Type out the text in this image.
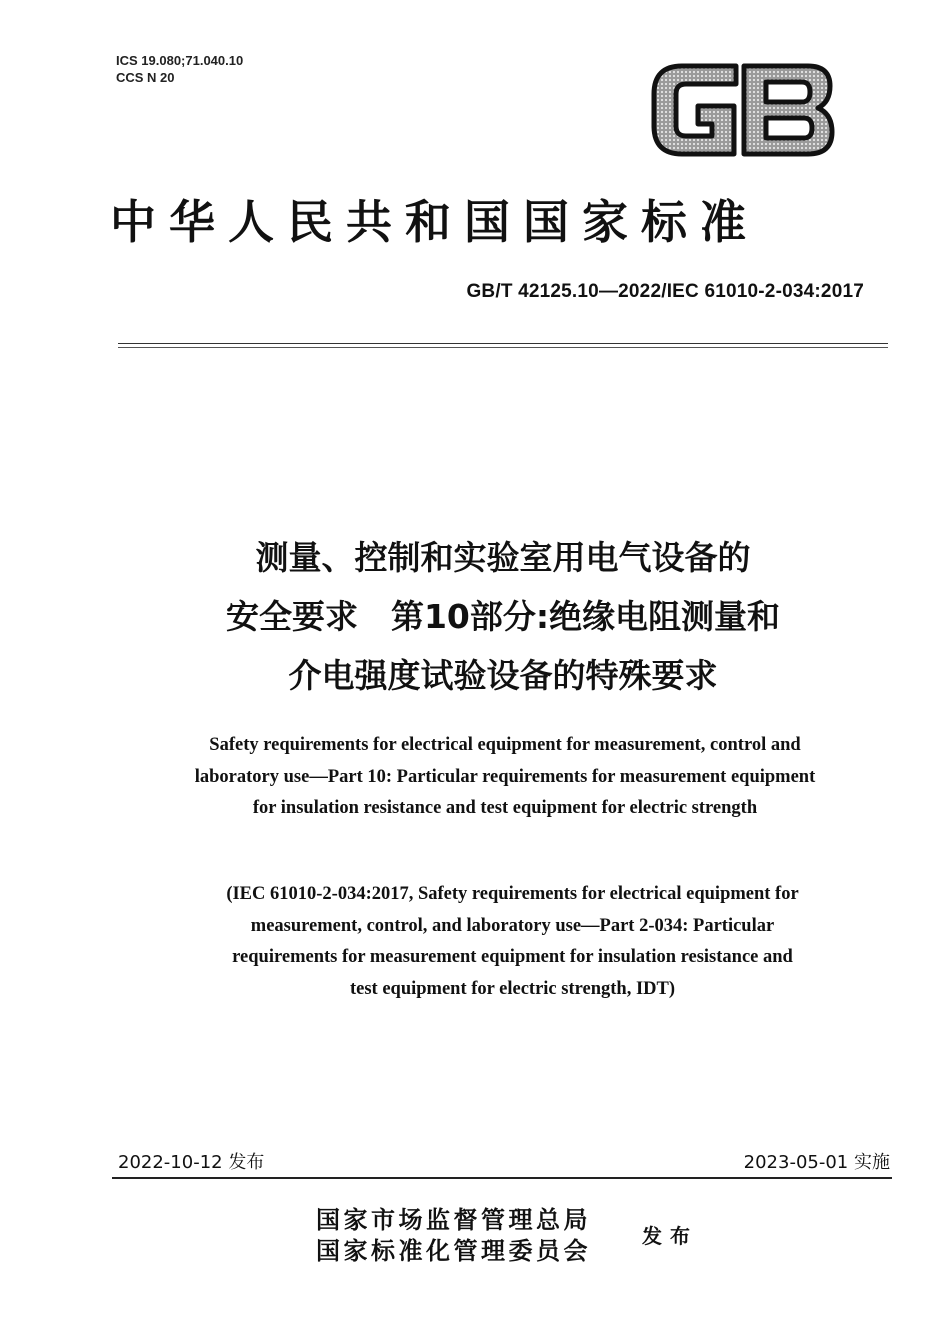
ICS 19.080;71.040.10
CCS N 20
中华人民共和国国家标准
GB/T 42125.10—2022/IEC 61010-2-034:2017
测量、控制和实验室用电气设备的
安全要求　第10部分:绝缘电阻测量和
介电强度试验设备的特殊要求
Safety requirements for electrical equipment for measurement, control and
laboratory use—Part 10: Particular requirements for measurement equipment
for insulation resistance and test equipment for electric strength
(IEC 61010-2-034:2017, Safety requirements for electrical equipment for
measurement, control, and laboratory use—Part 2-034: Particular
requirements for measurement equipment for insulation resistance and
test equipment for electric strength, IDT)
2022-10-12 发布	2023-05-01 实施
国家市场监督管理总局
国家标准化管理委员会	发布
